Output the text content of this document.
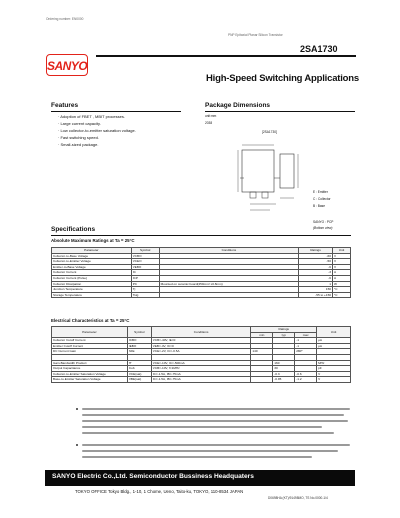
Ordering number: EN0000
PNP Epitaxial Planar Silicon Transistor
SANYO
2SA1730
High-Speed Switching Applications
Features
· Adoption of FBET , MBIT processes.
· Large current capacity.
· Low collector-to-emitter saturation voltage.
· Fast switching speed.
· Small-sized package.
Package Dimensions
unit:mm
2038
[2SA1730]
E : Emitter
C : Collector
B : Base
SANYO : PCP
(Bottom view)
Specifications
Absolute Maximum Ratings at Ta = 25°C
Parameter	Symbol	Conditions	Ratings	Unit
Collector-to-Base Voltage	VCBO		-60	V
Collector-to-Emitter Voltage	VCEO		-50	V
Emitter-to-Base Voltage	VEBO		-6	V
Collector Current	IC		-3	A
Collector Current (Pulse)	ICP		-6	A
Collector Dissipation	PC	Mounted on ceramic board(250mm² x0.8mm)	1	W
Junction Temperature	Tj		150	°C
Storage Temperature	Tstg		-55 to +150	°C
Electrical Characteristics at Ta = 25°C
Parameter	Symbol	Conditions	Ratings			Unit
			min	typ	max	
Collector Cutoff Current	ICBO	VCB=-40V, IE=0			-1	μA
Emitter Cutoff Current	IEBO	VEB=-4V, IC=0			-1	μA
DC Current Gain	hFE	VCE=-2V, IC=-0.5A	140		280*	

Gain-Bandwidth Product	fT	VCE=-10V, IC=-500mA		160		MHz
Output Capacitance	Cob	VCB=-10V, f=1MHz		30		pF
Collector-to-Emitter Saturation Voltage	VCE(sat)	IC=-1.5A, IB=-75mA		-0.3	-0.6	V
Base-to-Emitter Saturation Voltage	VBE(sat)	IC=-1.5A, IB=-75mA		-0.95	-1.2	V
SANYO Electric Co.,Ltd. Semiconductor Bussiness Headquaters
TOKYO OFFICE Tokyo Bldg., 1-10, 1 Chome, Ueno, Taito-ku, TOKYO, 110-8534 JAPAN
D0698HA (KT)/91498MO, TS No.0000-1/4
